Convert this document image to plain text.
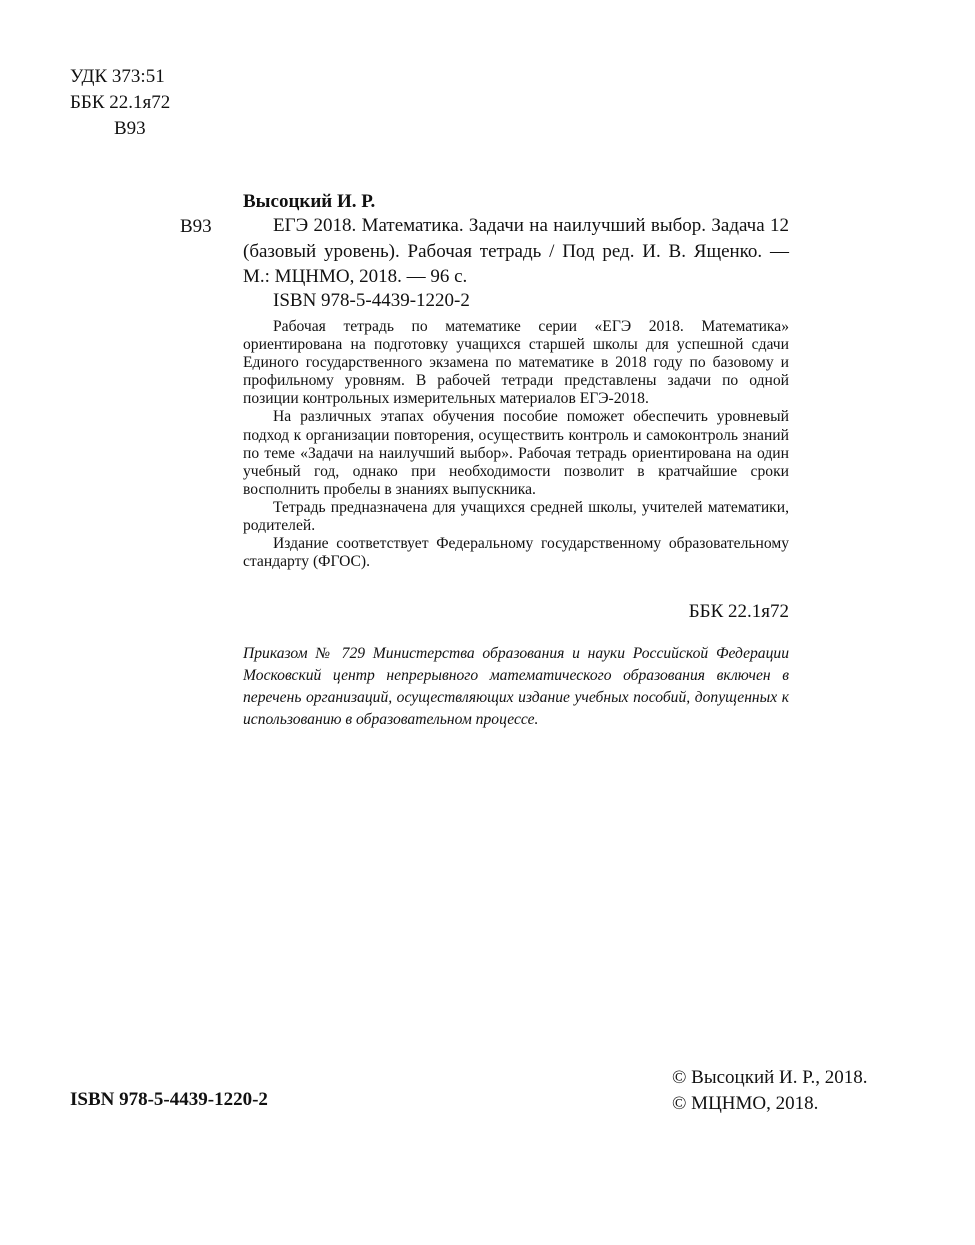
УДК 373:51
ББК 22.1я72
В93
Высоцкий И. Р.
В93	ЕГЭ 2018. Математика. Задачи на наилучший выбор. Задача 12 (базовый уровень). Рабочая тетрадь / Под ред. И. В. Ященко. — М.: МЦНМО, 2018. — 96 с.
ISBN 978-5-4439-1220-2

Рабочая тетрадь по математике серии «ЕГЭ 2018. Математика» ориентирована на подготовку учащихся старшей школы для успешной сдачи Единого государственного экзамена по математике в 2018 году по базовому и профильному уровням. В рабочей тетради представлены задачи по одной позиции контрольных измерительных материалов ЕГЭ-2018.

На различных этапах обучения пособие поможет обеспечить уровневый подход к организации повторения, осуществить контроль и самоконтроль знаний по теме «Задачи на наилучший выбор». Рабочая тетрадь ориентирована на один учебный год, однако при необходимости позволит в кратчайшие сроки восполнить пробелы в знаниях выпускника.

Тетрадь предназначена для учащихся средней школы, учителей математики, родителей.

Издание соответствует Федеральному государственному образовательному стандарту (ФГОС).

ББК 22.1я72
Приказом № 729 Министерства образования и науки Российской Федерации Московский центр непрерывного математического образования включен в перечень организаций, осуществляющих издание учебных пособий, допущенных к использованию в образовательном процессе.
ISBN 978-5-4439-1220-2
© Высоцкий И. Р., 2018.
© МЦНМО, 2018.
